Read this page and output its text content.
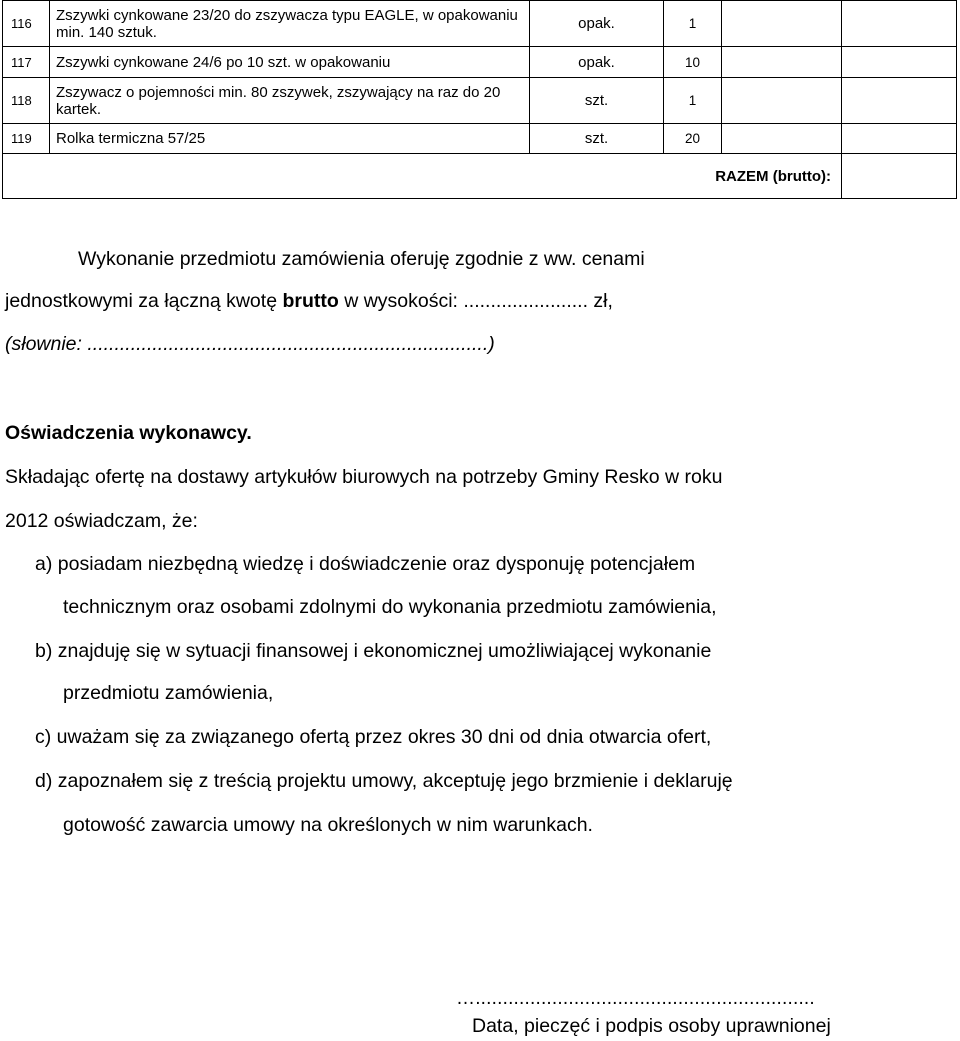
116	Zszywki cynkowane 23/20 do zszywacza typu EAGLE, w opakowaniu min. 140 sztuk.	opak.	1		
117	Zszywki cynkowane 24/6 po 10 szt. w opakowaniu	opak.	10		
118	Zszywacz o pojemności min. 80 zszywek, zszywający na raz do 20 kartek.	szt.	1		
119	Rolka termiczna 57/25	szt.	20		
RAZEM (brutto):					

Wykonanie przedmiotu zamówienia oferuję zgodnie z ww. cenami

jednostkowymi za łączną kwotę brutto w wysokości: ....................... zł,

(słownie: ..........................................................................)

Oświadczenia wykonawcy.

Składając ofertę na dostawy artykułów biurowych na potrzeby Gminy Resko w roku

2012 oświadczam, że:

a) posiadam niezbędną wiedzę i doświadczenie oraz dysponuję potencjałem

technicznym oraz osobami zdolnymi do wykonania przedmiotu zamówienia,

b) znajduję się w sytuacji finansowej i ekonomicznej umożliwiającej wykonanie

przedmiotu zamówienia,

c) uważam się za związanego ofertą przez okres 30 dni od dnia otwarcia ofert,

d) zapoznałem się z treścią projektu umowy, akceptuję jego brzmienie i deklaruję

gotowość zawarcia umowy na określonych w nim warunkach.

…..............................................................
Data, pieczęć i podpis osoby uprawnionej
